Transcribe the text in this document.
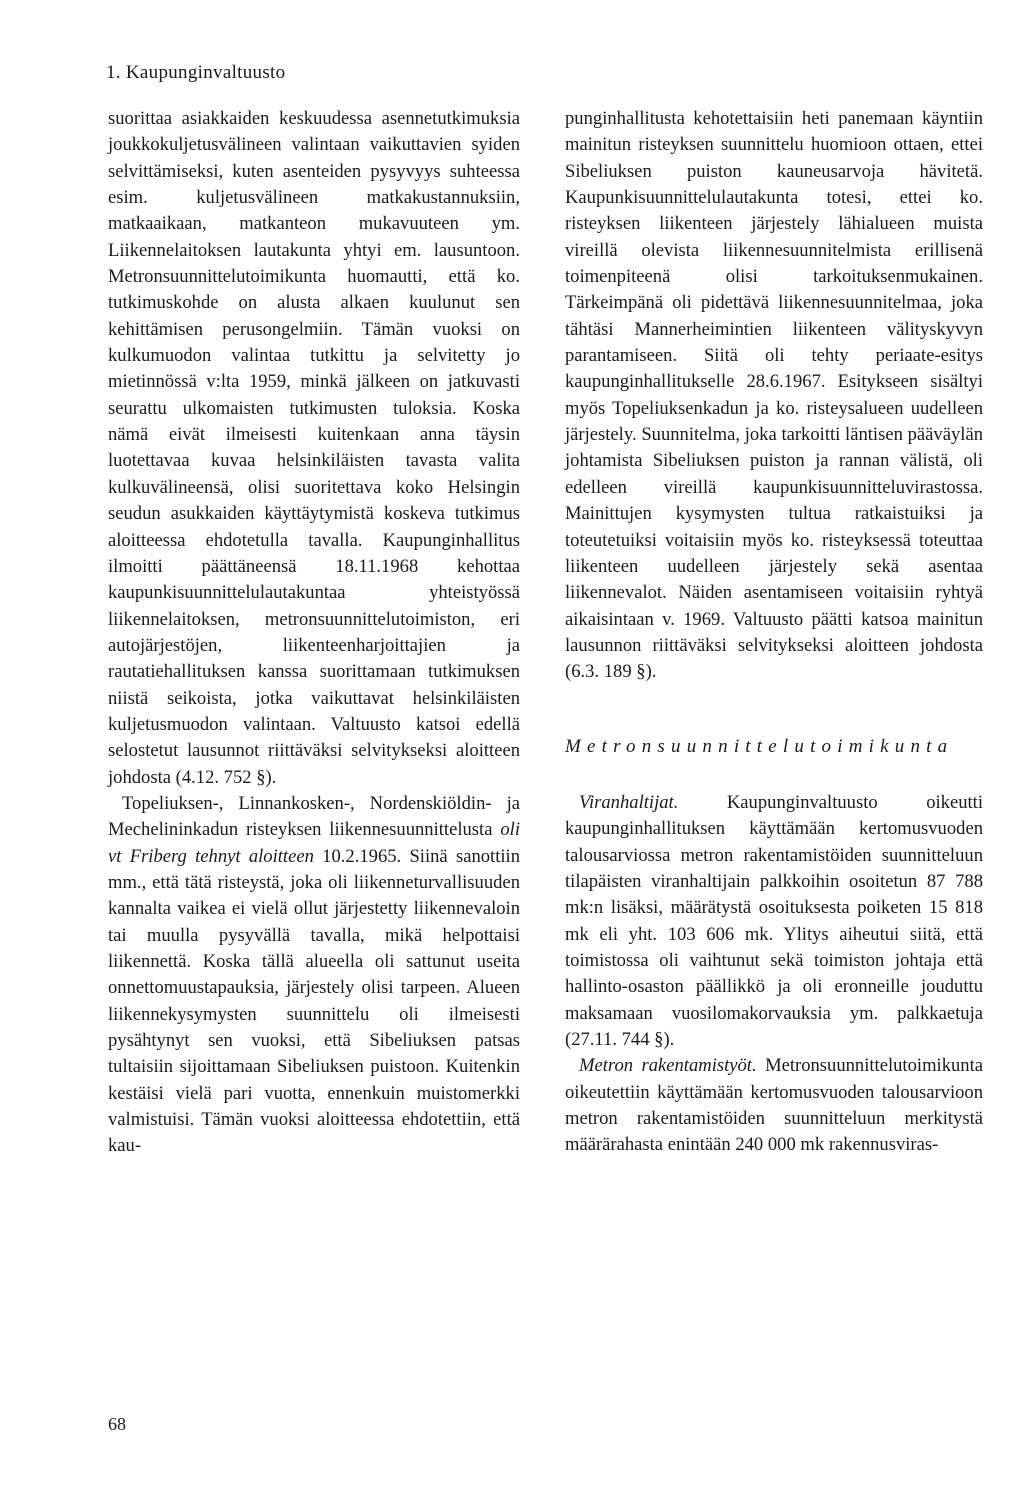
1. Kaupunginvaltuusto

suorittaa asiakkaiden keskuudessa asennetutkimuksia joukkokuljetusvälineen valintaan vaikuttavien syiden selvittämiseksi, kuten asenteiden pysyvyys suhteessa esim. kuljetusvälineen matkakustannuksiin, matkaaikaan, matkanteon mukavuuteen ym. Liikennelaitoksen lautakunta yhtyi em. lausuntoon. Metronsuunnittelutoimikunta huomautti, että ko. tutkimuskohde on alusta alkaen kuulunut sen kehittämisen perusongelmiin. Tämän vuoksi on kulkumuodon valintaa tutkittu ja selvitetty jo mietinnössä v:lta 1959, minkä jälkeen on jatkuvasti seurattu ulkomaisten tutkimusten tuloksia. Koska nämä eivät ilmeisesti kuitenkaan anna täysin luotettavaa kuvaa helsinkiläisten tavasta valita kulkuvälineensä, olisi suoritettava koko Helsingin seudun asukkaiden käyttäytymistä koskeva tutkimus aloitteessa ehdotetulla tavalla. Kaupunginhallitus ilmoitti päättäneensä 18.11.1968 kehottaa kaupunkisuunnittelulautakuntaa yhteistyössä liikennelaitoksen, metronsuunnittelutoimiston, eri autojärjestöjen, liikenteenharjoittajien ja rautatiehallituksen kanssa suorittamaan tutkimuksen niistä seikoista, jotka vaikuttavat helsinkiläisten kuljetusmuodon valintaan. Valtuusto katsoi edellä selostetut lausunnot riittäväksi selvitykseksi aloitteen johdosta (4.12. 752 §).

Topeliuksen-, Linnankosken-, Nordenskiöldin- ja Mechelininkadun risteyksen liikennesuunnittelusta oli vt Friberg tehnyt aloitteen 10.2.1965. Siinä sanottiin mm., että tätä risteystä, joka oli liikenneturvallisuuden kannalta vaikea ei vielä ollut järjestetty liikennevaloin tai muulla pysyvällä tavalla, mikä helpottaisi liikennettä. Koska tällä alueella oli sattunut useita onnettomuustapauksia, järjestely olisi tarpeen. Alueen liikennekysymysten suunnittelu oli ilmeisesti pysähtynyt sen vuoksi, että Sibeliuksen patsas tultaisiin sijoittamaan Sibeliuksen puistoon. Kuitenkin kestäisi vielä pari vuotta, ennenkuin muistomerkki valmistuisi. Tämän vuoksi aloitteessa ehdotettiin, että kau-

punginhallitusta kehotettaisiin heti panemaan käyntiin mainitun risteyksen suunnittelu huomioon ottaen, ettei Sibeliuksen puiston kauneusarvoja hävitetä. Kaupunkisuunnittelulautakunta totesi, ettei ko. risteyksen liikenteen järjestely lähialueen muista vireillä olevista liikennesuunnitelmista erillisenä toimenpiteenä olisi tarkoituksenmukainen. Tärkeimpänä oli pidettävä liikennesuunnitelmaa, joka tähtäsi Mannerheimintien liikenteen välityskyvyn parantamiseen. Siitä oli tehty periaate-esitys kaupunginhallitukselle 28.6.1967. Esitykseen sisältyi myös Topeliuksenkadun ja ko. risteysalueen uudelleen järjestely. Suunnitelma, joka tarkoitti läntisen pääväylän johtamista Sibeliuksen puiston ja rannan välistä, oli edelleen vireillä kaupunkisuunnitteluvirastossa. Mainittujen kysymysten tultua ratkaistuiksi ja toteutetuiksi voitaisiin myös ko. risteyksessä toteuttaa liikenteen uudelleen järjestely sekä asentaa liikennevalot. Näiden asentamiseen voitaisiin ryhtyä aikaisintaan v. 1969. Valtuusto päätti katsoa mainitun lausunnon riittäväksi selvitykseksi aloitteen johdosta (6.3. 189 §).

Metronsuunnittelutoimikunta

Viranhaltijat. Kaupunginvaltuusto oikeutti kaupunginhallituksen käyttämään kertomusvuoden talousarviossa metron rakentamistöiden suunnitteluun tilapäisten viranhaltijain palkkoihin osoitetun 87 788 mk:n lisäksi, määrätystä osoituksesta poiketen 15 818 mk eli yht. 103 606 mk. Ylitys aiheutui siitä, että toimistossa oli vaihtunut sekä toimiston johtaja että hallinto-osaston päällikkö ja oli eronneille jouduttu maksamaan vuosilomakorvauksia ym. palkkaetuja (27.11. 744 §).

Metron rakentamistyöt. Metronsuunnittelutoimikunta oikeutettiin käyttämään kertomusvuoden talousarvioon metron rakentamistöiden suunnitteluun merkitystä määrärahasta enintään 240 000 mk rakennusviras-

68
